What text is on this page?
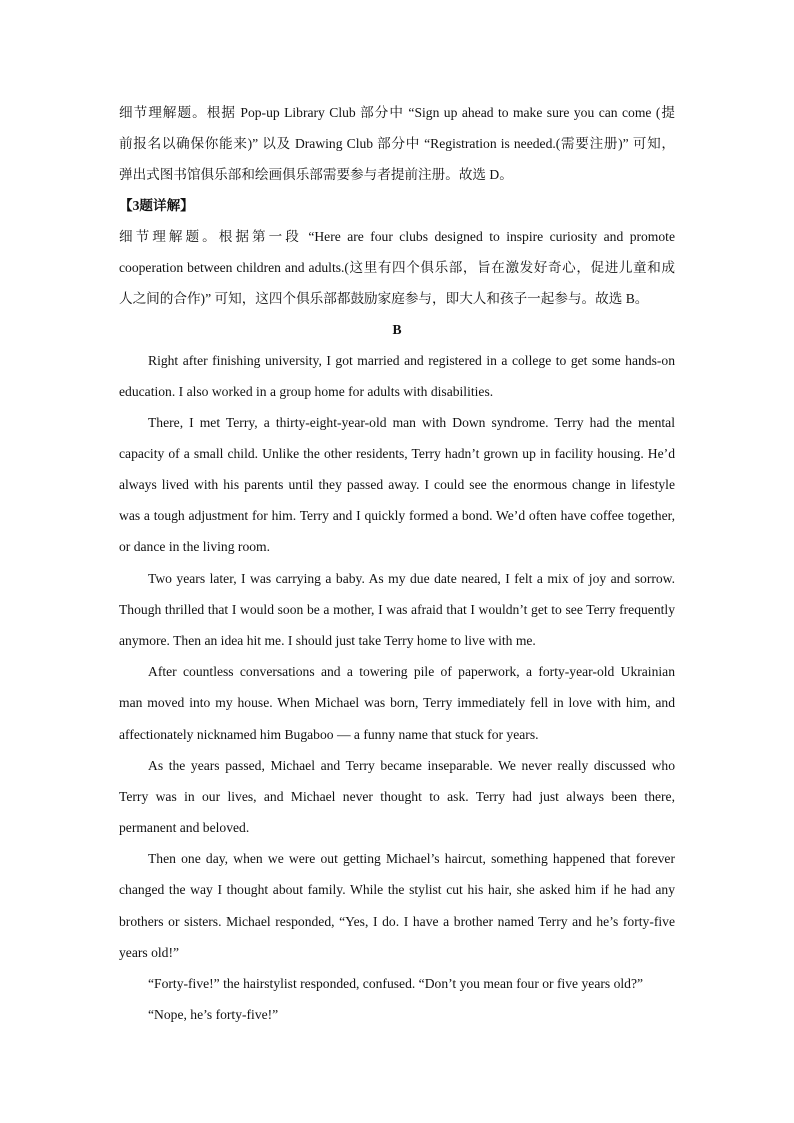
细节理解题。根据 Pop-up Library Club 部分中 “Sign up ahead to make sure you can come (提
前报名以确保你能来)” 以及 Drawing Club 部分中 “Registration is needed.(需要注册)” 可知，
弹出式图书馆俱乐部和绘画俱乐部需要参与者提前注册。故选 D。
【3题详解】
细节理解题。根据第一段 “Here are four clubs designed to inspire curiosity and promote
cooperation between children and adults.(这里有四个俱乐部，旨在激发好奇心，促进儿童和成
人之间的合作)” 可知，这四个俱乐部都鼓励家庭参与，即大人和孩子一起参与。故选 B。
B
Right after finishing university, I got married and registered in a college to get some hands-on
education. I also worked in a group home for adults with disabilities.
There, I met Terry, a thirty-eight-year-old man with Down syndrome. Terry had the mental
capacity of a small child. Unlike the other residents, Terry hadn’t grown up in facility housing. He’d
always lived with his parents until they passed away. I could see the enormous change in lifestyle
was a tough adjustment for him. Terry and I quickly formed a bond. We’d often have coffee together,
or dance in the living room.
Two years later, I was carrying a baby. As my due date neared, I felt a mix of joy and sorrow.
Though thrilled that I would soon be a mother, I was afraid that I wouldn’t get to see Terry frequently
anymore. Then an idea hit me. I should just take Terry home to live with me.
After countless conversations and a towering pile of paperwork, a forty-year-old Ukrainian
man moved into my house. When Michael was born, Terry immediately fell in love with him, and
affectionately nicknamed him Bugaboo — a funny name that stuck for years.
As the years passed, Michael and Terry became inseparable. We never really discussed who
Terry was in our lives, and Michael never thought to ask. Terry had just always been there,
permanent and beloved.
Then one day, when we were out getting Michael’s haircut, something happened that forever
changed the way I thought about family. While the stylist cut his hair, she asked him if he had any
brothers or sisters. Michael responded, “Yes, I do. I have a brother named Terry and he’s forty-five
years old!”
“Forty-five!” the hairstylist responded, confused. “Don’t you mean four or five years old?”
“Nope, he’s forty-five!”
